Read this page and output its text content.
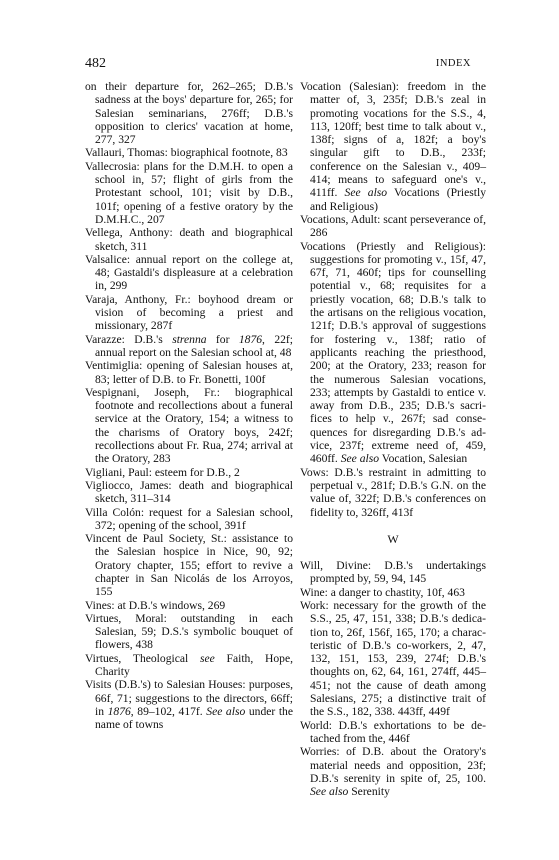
482	INDEX

on their departure for, 262–265; D.B.'s sadness at the boys' departure for, 265; for Salesian seminarians, 276ff; D.B.'s opposition to clerics' vacation at home, 277, 327

Vallauri, Thomas: biographical footnote, 83

Vallecrosia: plans for the D.M.H. to open a school in, 57; flight of girls from the Protestant school, 101; visit by D.B., 101f; opening of a festive oratory by the D.M.H.C., 207

Vellega, Anthony: death and biographical sketch, 311

Valsalice: annual report on the college at, 48; Gastaldi's displeasure at a celebration in, 299

Varaja, Anthony, Fr.: boyhood dream or vision of becoming a priest and missionary, 287f

Varazze: D.B.'s strenna for 1876, 22f; annual report on the Salesian school at, 48

Ventimiglia: opening of Salesian houses at, 83; letter of D.B. to Fr. Bonetti, 100f

Vespignani, Joseph, Fr.: biographical footnote and recollections about a funeral service at the Oratory, 154; a witness to the charisms of Oratory boys, 242f; recollections about Fr. Rua, 274; arrival at the Oratory, 283

Vigliani, Paul: esteem for D.B., 2

Vigliocco, James: death and biographical sketch, 311–314

Villa Colón: request for a Salesian school, 372; opening of the school, 391f

Vincent de Paul Society, St.: assistance to the Salesian hospice in Nice, 90, 92; Oratory chapter, 155; effort to revive a chapter in San Nicolás de los Arroyos, 155

Vines: at D.B.'s windows, 269

Virtues, Moral: outstanding in each Salesian, 59; D.S.'s symbolic bouquet of flowers, 438

Virtues, Theological see Faith, Hope, Charity

Visits (D.B.'s) to Salesian Houses: purposes, 66f, 71; suggestions to the directors, 66ff; in 1876, 89–102, 417f. See also under the name of towns

Vocation (Salesian): freedom in the matter of, 3, 235f; D.B.'s zeal in promoting vocations for the S.S., 4, 113, 120ff; best time to talk about v., 138f; signs of a, 182f; a boy's singular gift to D.B., 233f; conference on the Salesian v., 409–414; means to safeguard one's v., 411ff. See also Vocations (Priestly and Religious)

Vocations, Adult: scant perseverance of, 286

Vocations (Priestly and Religious): suggestions for promoting v., 15f, 47, 67f, 71, 460f; tips for counselling potential v., 68; requisites for a priestly vocation, 68; D.B.'s talk to the artisans on the religious vocation, 121f; D.B.'s approval of suggestions for fostering v., 138f; ratio of applicants reaching the priesthood, 200; at the Oratory, 233; reason for the numerous Salesian vocations, 233; attempts by Gastaldi to entice v. away from D.B., 235; D.B.'s sacrifices to help v., 267f; sad consequences for disregarding D.B.'s advice, 237f; extreme need of, 459, 460ff. See also Vocation, Salesian

Vows: D.B.'s restraint in admitting to perpetual v., 281f; D.B.'s G.N. on the value of, 322f; D.B.'s conferences on fidelity to, 326ff, 413f

W

Will, Divine: D.B.'s undertakings prompted by, 59, 94, 145

Wine: a danger to chastity, 10f, 463

Work: necessary for the growth of the S.S., 25, 47, 151, 338; D.B.'s dedication to, 26f, 156f, 165, 170; a characteristic of D.B.'s co-workers, 2, 47, 132, 151, 153, 239, 274f; D.B.'s thoughts on, 62, 64, 161, 274ff, 445–451; not the cause of death among Salesians, 275; a distinctive trait of the S.S., 182, 338. 443ff, 449f

World: D.B.'s exhortations to be detached from the, 446f

Worries: of D.B. about the Oratory's material needs and opposition, 23f; D.B.'s serenity in spite of, 25, 100. See also Serenity
